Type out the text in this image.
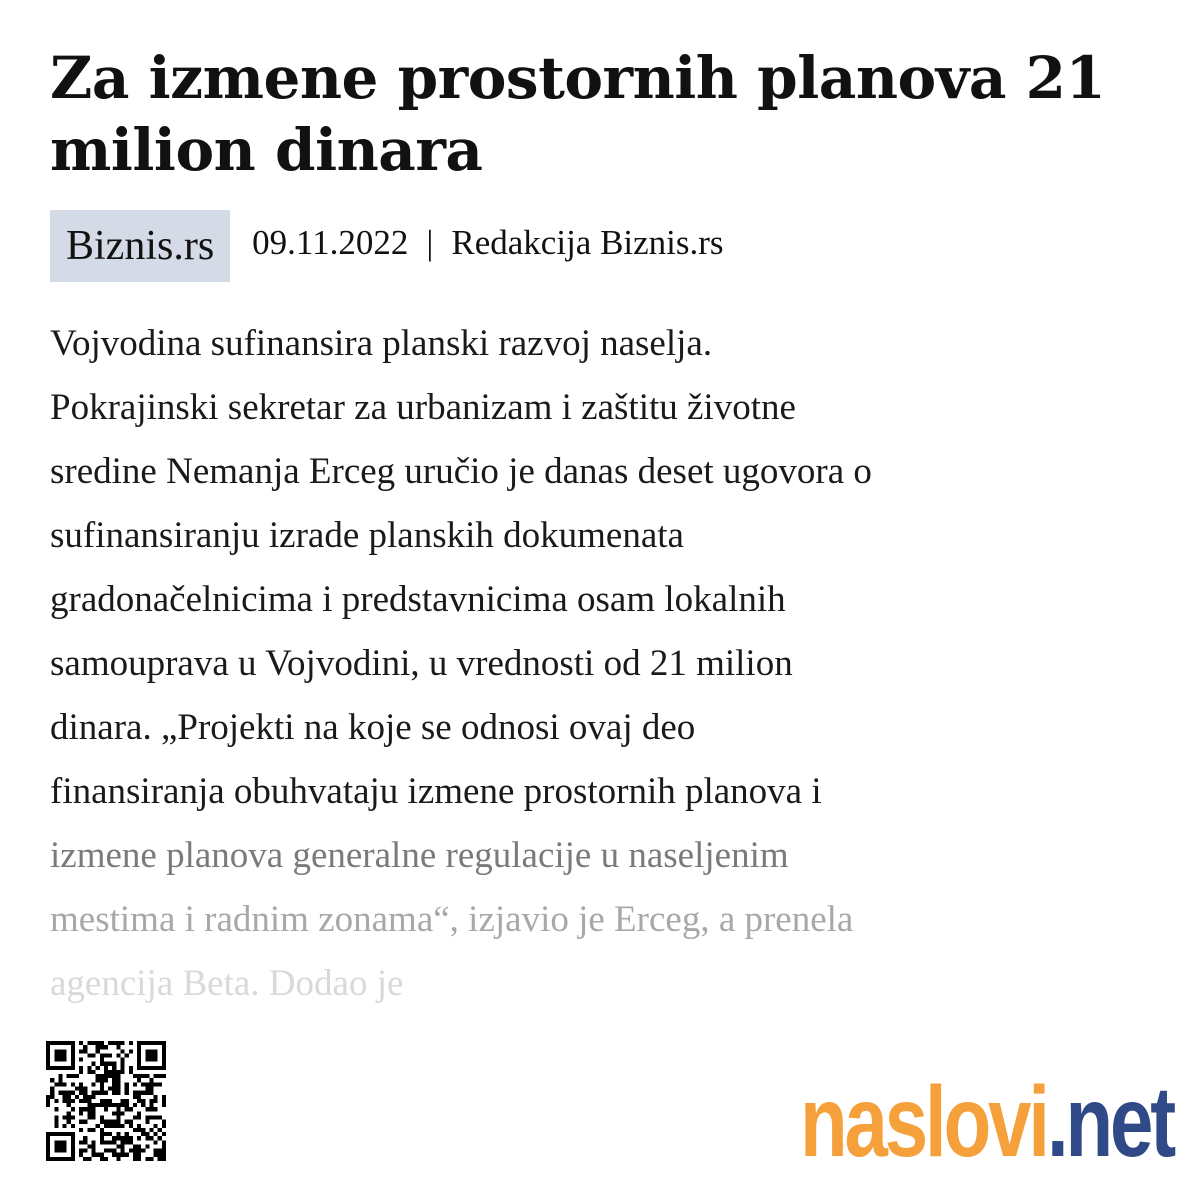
Za izmene prostornih planova 21 milion dinara
Biznis.rs 09.11.2022 | Redakcija Biznis.rs
Vojvodina sufinansira planski razvoj naselja.
Pokrajinski sekretar za urbanizam i zaštitu životne
sredine Nemanja Erceg uručio je danas deset ugovora o
sufinansiranju izrade planskih dokumenata
gradonačelnicima i predstavnicima osam lokalnih
samouprava u Vojvodini, u vrednosti od 21 milion
dinara. „Projekti na koje se odnosi ovaj deo
finansiranja obuhvataju izmene prostornih planova i
izmene planova generalne regulacije u naseljenim
mestima i radnim zonama“, izjavio je Erceg, a prenela
agencija Beta. Dodao je
naslovi .net
